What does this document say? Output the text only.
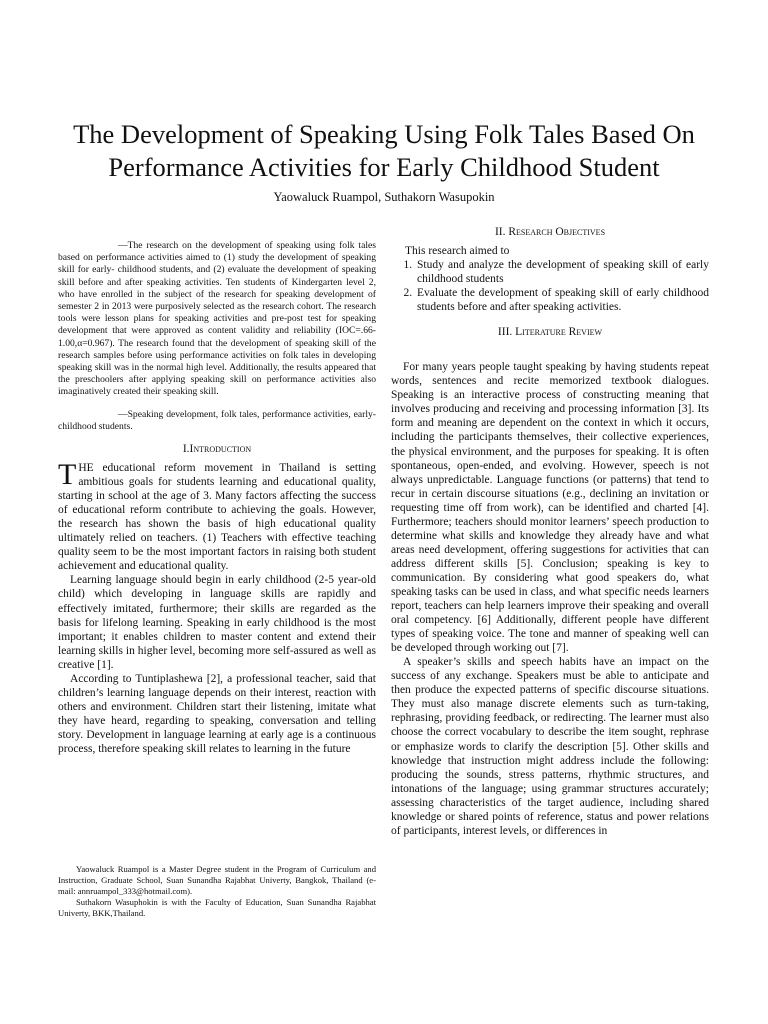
The Development of Speaking Using Folk Tales Based On Performance Activities for Early Childhood Student
Yaowaluck Ruampol, Suthakorn Wasupokin

—The research on the development of speaking using folk tales based on performance activities aimed to (1) study the development of speaking skill for early- childhood students, and (2) evaluate the development of speaking skill before and after speaking activities. Ten students of Kindergarten level 2, who have enrolled in the subject of the research for speaking development of semester 2 in 2013 were purposively selected as the research cohort. The research tools were lesson plans for speaking activities and pre-post test for speaking development that were approved as content validity and reliability (IOC=.66-1.00,α=0.967). The research found that the development of speaking skill of the research samples before using performance activities on folk tales in developing speaking skill was in the normal high level. Additionally, the results appeared that the preschoolers after applying speaking skill on performance activities also imaginatively created their speaking skill.

—Speaking development, folk tales, performance activities, early-childhood students.

I.Introduction

THE educational reform movement in Thailand is setting ambitious goals for students learning and educational quality, starting in school at the age of 3. Many factors affecting the success of educational reform contribute to achieving the goals. However, the research has shown the basis of high educational quality ultimately relied on teachers. (1) Teachers with effective teaching quality seem to be the most important factors in raising both student achievement and educational quality.

Learning language should begin in early childhood (2-5 year-old child) which developing in language skills are rapidly and effectively imitated, furthermore; their skills are regarded as the basis for lifelong learning. Speaking in early childhood is the most important; it enables children to master content and extend their learning skills in higher level, becoming more self-assured as well as creative [1].

According to Tuntiplashewa [2], a professional teacher, said that children’s learning language depends on their interest, reaction with others and environment. Children start their listening, imitate what they have heard, regarding to speaking, conversation and telling story. Development in language learning at early age is a continuous process, therefore speaking skill relates to learning in the future

Yaowaluck Ruampol is a Master Degree student in the Program of Curriculum and Instruction, Graduate School, Suan Sunandha Rajabhat Univerty, Bangkok, Thailand (e-mail: annruampol_333@hotmail.com).

Suthakorn Wasuphokin is with the Faculty of Education, Suan Sunandha Rajabhat Univerty, BKK,Thailand.

II. Research Objectives

This research aimed to

1. Study and analyze the development of speaking skill of early childhood students
2. Evaluate the development of speaking skill of early childhood students before and after speaking activities.

III. Literature Review

For many years people taught speaking by having students repeat words, sentences and recite memorized textbook dialogues. Speaking is an interactive process of constructing meaning that involves producing and receiving and processing information [3]. Its form and meaning are dependent on the context in which it occurs, including the participants themselves, their collective experiences, the physical environment, and the purposes for speaking. It is often spontaneous, open-ended, and evolving. However, speech is not always unpredictable. Language functions (or patterns) that tend to recur in certain discourse situations (e.g., declining an invitation or requesting time off from work), can be identified and charted [4]. Furthermore; teachers should monitor learners’ speech production to determine what skills and knowledge they already have and what areas need development, offering suggestions for activities that can address different skills [5]. Conclusion; speaking is key to communication. By considering what good speakers do, what speaking tasks can be used in class, and what specific needs learners report, teachers can help learners improve their speaking and overall oral competency. [6] Additionally, different people have different types of speaking voice. The tone and manner of speaking well can be developed through working out [7].

A speaker’s skills and speech habits have an impact on the success of any exchange. Speakers must be able to anticipate and then produce the expected patterns of specific discourse situations. They must also manage discrete elements such as turn-taking, rephrasing, providing feedback, or redirecting. The learner must also choose the correct vocabulary to describe the item sought, rephrase or emphasize words to clarify the description [5]. Other skills and knowledge that instruction might address include the following: producing the sounds, stress patterns, rhythmic structures, and intonations of the language; using grammar structures accurately; assessing characteristics of the target audience, including shared knowledge or shared points of reference, status and power relations of participants, interest levels, or differences in
